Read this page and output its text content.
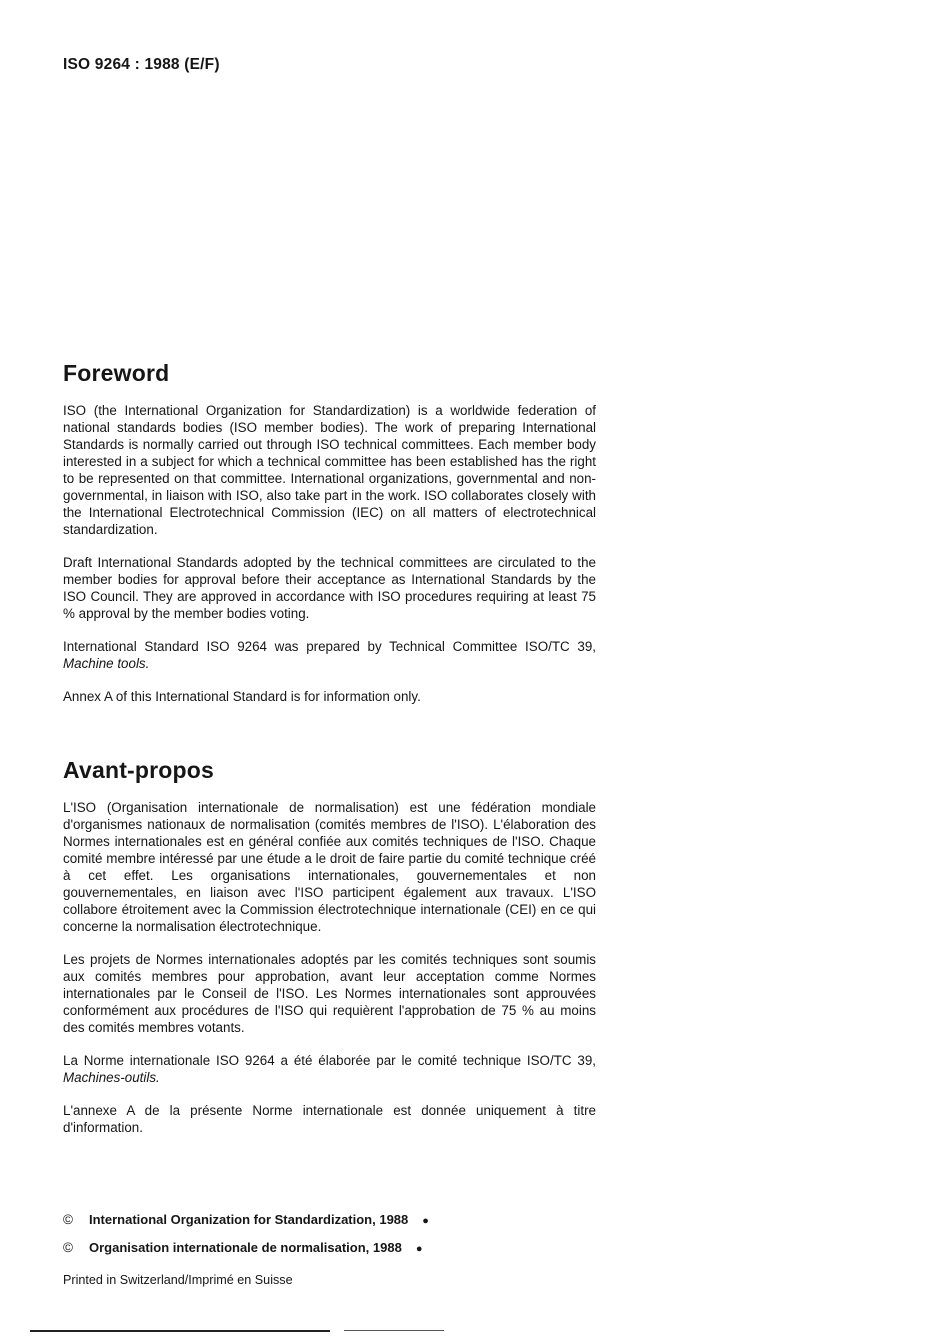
ISO 9264 : 1988 (E/F)
Foreword

ISO (the International Organization for Standardization) is a worldwide federation of national standards bodies (ISO member bodies). The work of preparing International Standards is normally carried out through ISO technical committees. Each member body interested in a subject for which a technical committee has been established has the right to be represented on that committee. International organizations, governmental and non-governmental, in liaison with ISO, also take part in the work. ISO collaborates closely with the International Electrotechnical Commission (IEC) on all matters of electrotechnical standardization.

Draft International Standards adopted by the technical committees are circulated to the member bodies for approval before their acceptance as International Standards by the ISO Council. They are approved in accordance with ISO procedures requiring at least 75 % approval by the member bodies voting.

International Standard ISO 9264 was prepared by Technical Committee ISO/TC 39, Machine tools.

Annex A of this International Standard is for information only.

Avant-propos

L'ISO (Organisation internationale de normalisation) est une fédération mondiale d'organismes nationaux de normalisation (comités membres de l'ISO). L'élaboration des Normes internationales est en général confiée aux comités techniques de l'ISO. Chaque comité membre intéressé par une étude a le droit de faire partie du comité technique créé à cet effet. Les organisations internationales, gouvernementales et non gouvernementales, en liaison avec l'ISO participent également aux travaux. L'ISO collabore étroitement avec la Commission électrotechnique internationale (CEI) en ce qui concerne la normalisation électrotechnique.

Les projets de Normes internationales adoptés par les comités techniques sont soumis aux comités membres pour approbation, avant leur acceptation comme Normes internationales par le Conseil de l'ISO. Les Normes internationales sont approuvées conformément aux procédures de l'ISO qui requièrent l'approbation de 75 % au moins des comités membres votants.

La Norme internationale ISO 9264 a été élaborée par le comité technique ISO/TC 39, Machines-outils.

L'annexe A de la présente Norme internationale est donnée uniquement à titre d'information.

©	International Organization for Standardization, 1988 ●
©	Organisation internationale de normalisation, 1988 ●
Printed in Switzerland/Imprimé en Suisse
